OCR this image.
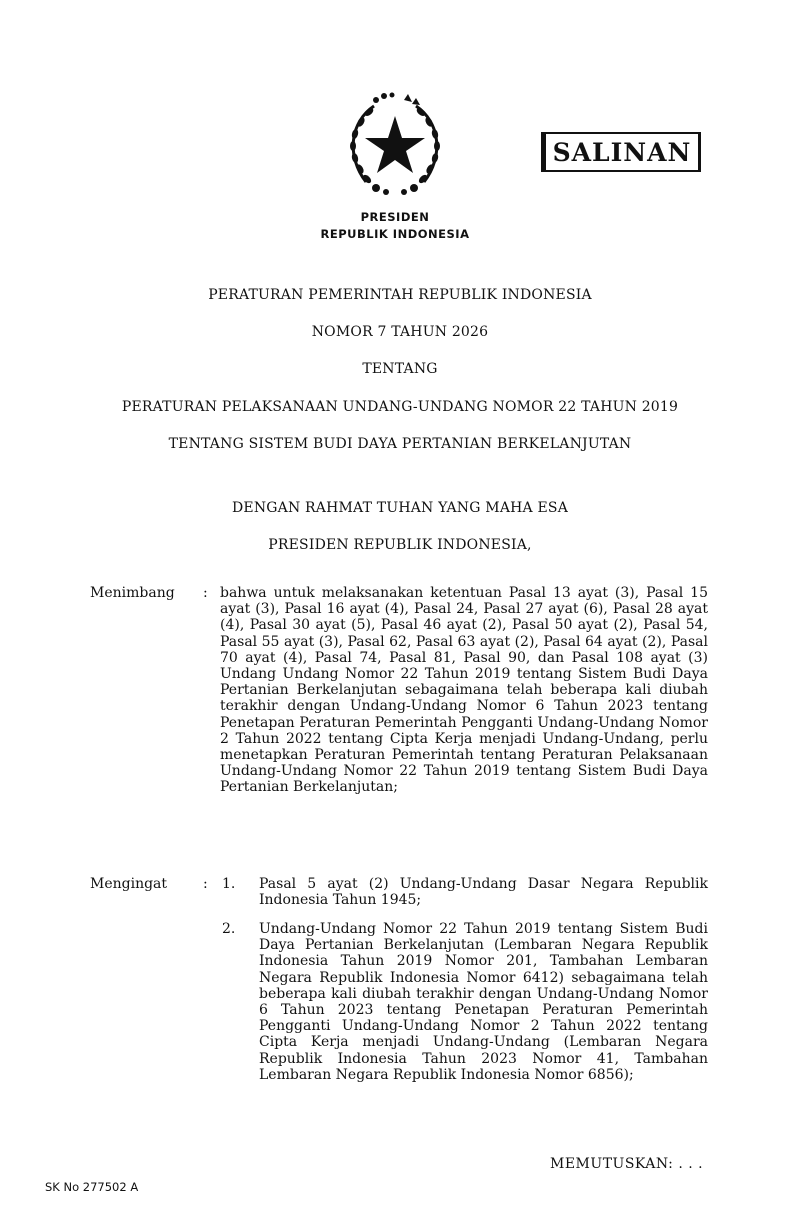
SALINAN
PRESIDEN
REPUBLIK INDONESIA
PERATURAN PEMERINTAH REPUBLIK INDONESIA
NOMOR 7 TAHUN 2026
TENTANG
PERATURAN PELAKSANAAN UNDANG-UNDANG NOMOR 22 TAHUN 2019
TENTANG SISTEM BUDI DAYA PERTANIAN BERKELANJUTAN
DENGAN RAHMAT TUHAN YANG MAHA ESA
PRESIDEN REPUBLIK INDONESIA,
Menimbang : bahwa untuk melaksanakan ketentuan Pasal 13 ayat (3), Pasal 15 ayat (3), Pasal 16 ayat (4), Pasal 24, Pasal 27 ayat (6), Pasal 28 ayat (4), Pasal 30 ayat (5), Pasal 46 ayat (2), Pasal 50 ayat (2), Pasal 54, Pasal 55 ayat (3), Pasal 62, Pasal 63 ayat (2), Pasal 64 ayat (2), Pasal 70 ayat (4), Pasal 74, Pasal 81, Pasal 90, dan Pasal 108 ayat (3) Undang Undang Nomor 22 Tahun 2019 tentang Sistem Budi Daya Pertanian Berkelanjutan sebagaimana telah beberapa kali diubah terakhir dengan Undang-Undang Nomor 6 Tahun 2023 tentang Penetapan Peraturan Pemerintah Pengganti Undang-Undang Nomor 2 Tahun 2022 tentang Cipta Kerja menjadi Undang-Undang, perlu menetapkan Peraturan Pemerintah tentang Peraturan Pelaksanaan Undang-Undang Nomor 22 Tahun 2019 tentang Sistem Budi Daya Pertanian Berkelanjutan;
Mengingat	: 1. Pasal 5 ayat (2) Undang-Undang Dasar Negara Republik Indonesia Tahun 1945;
2. Undang-Undang Nomor 22 Tahun 2019 tentang Sistem Budi Daya Pertanian Berkelanjutan (Lembaran Negara Republik Indonesia Tahun 2019 Nomor 201, Tambahan Lembaran Negara Republik Indonesia Nomor 6412) sebagaimana telah beberapa kali diubah terakhir dengan Undang-Undang Nomor 6 Tahun 2023 tentang Penetapan Peraturan Pemerintah Pengganti Undang-Undang Nomor 2 Tahun 2022 tentang Cipta Kerja menjadi Undang-Undang (Lembaran Negara Republik Indonesia Tahun 2023 Nomor 41, Tambahan Lembaran Negara Republik Indonesia Nomor 6856);
MEMUTUSKAN: . . .
SK No 277502 A
